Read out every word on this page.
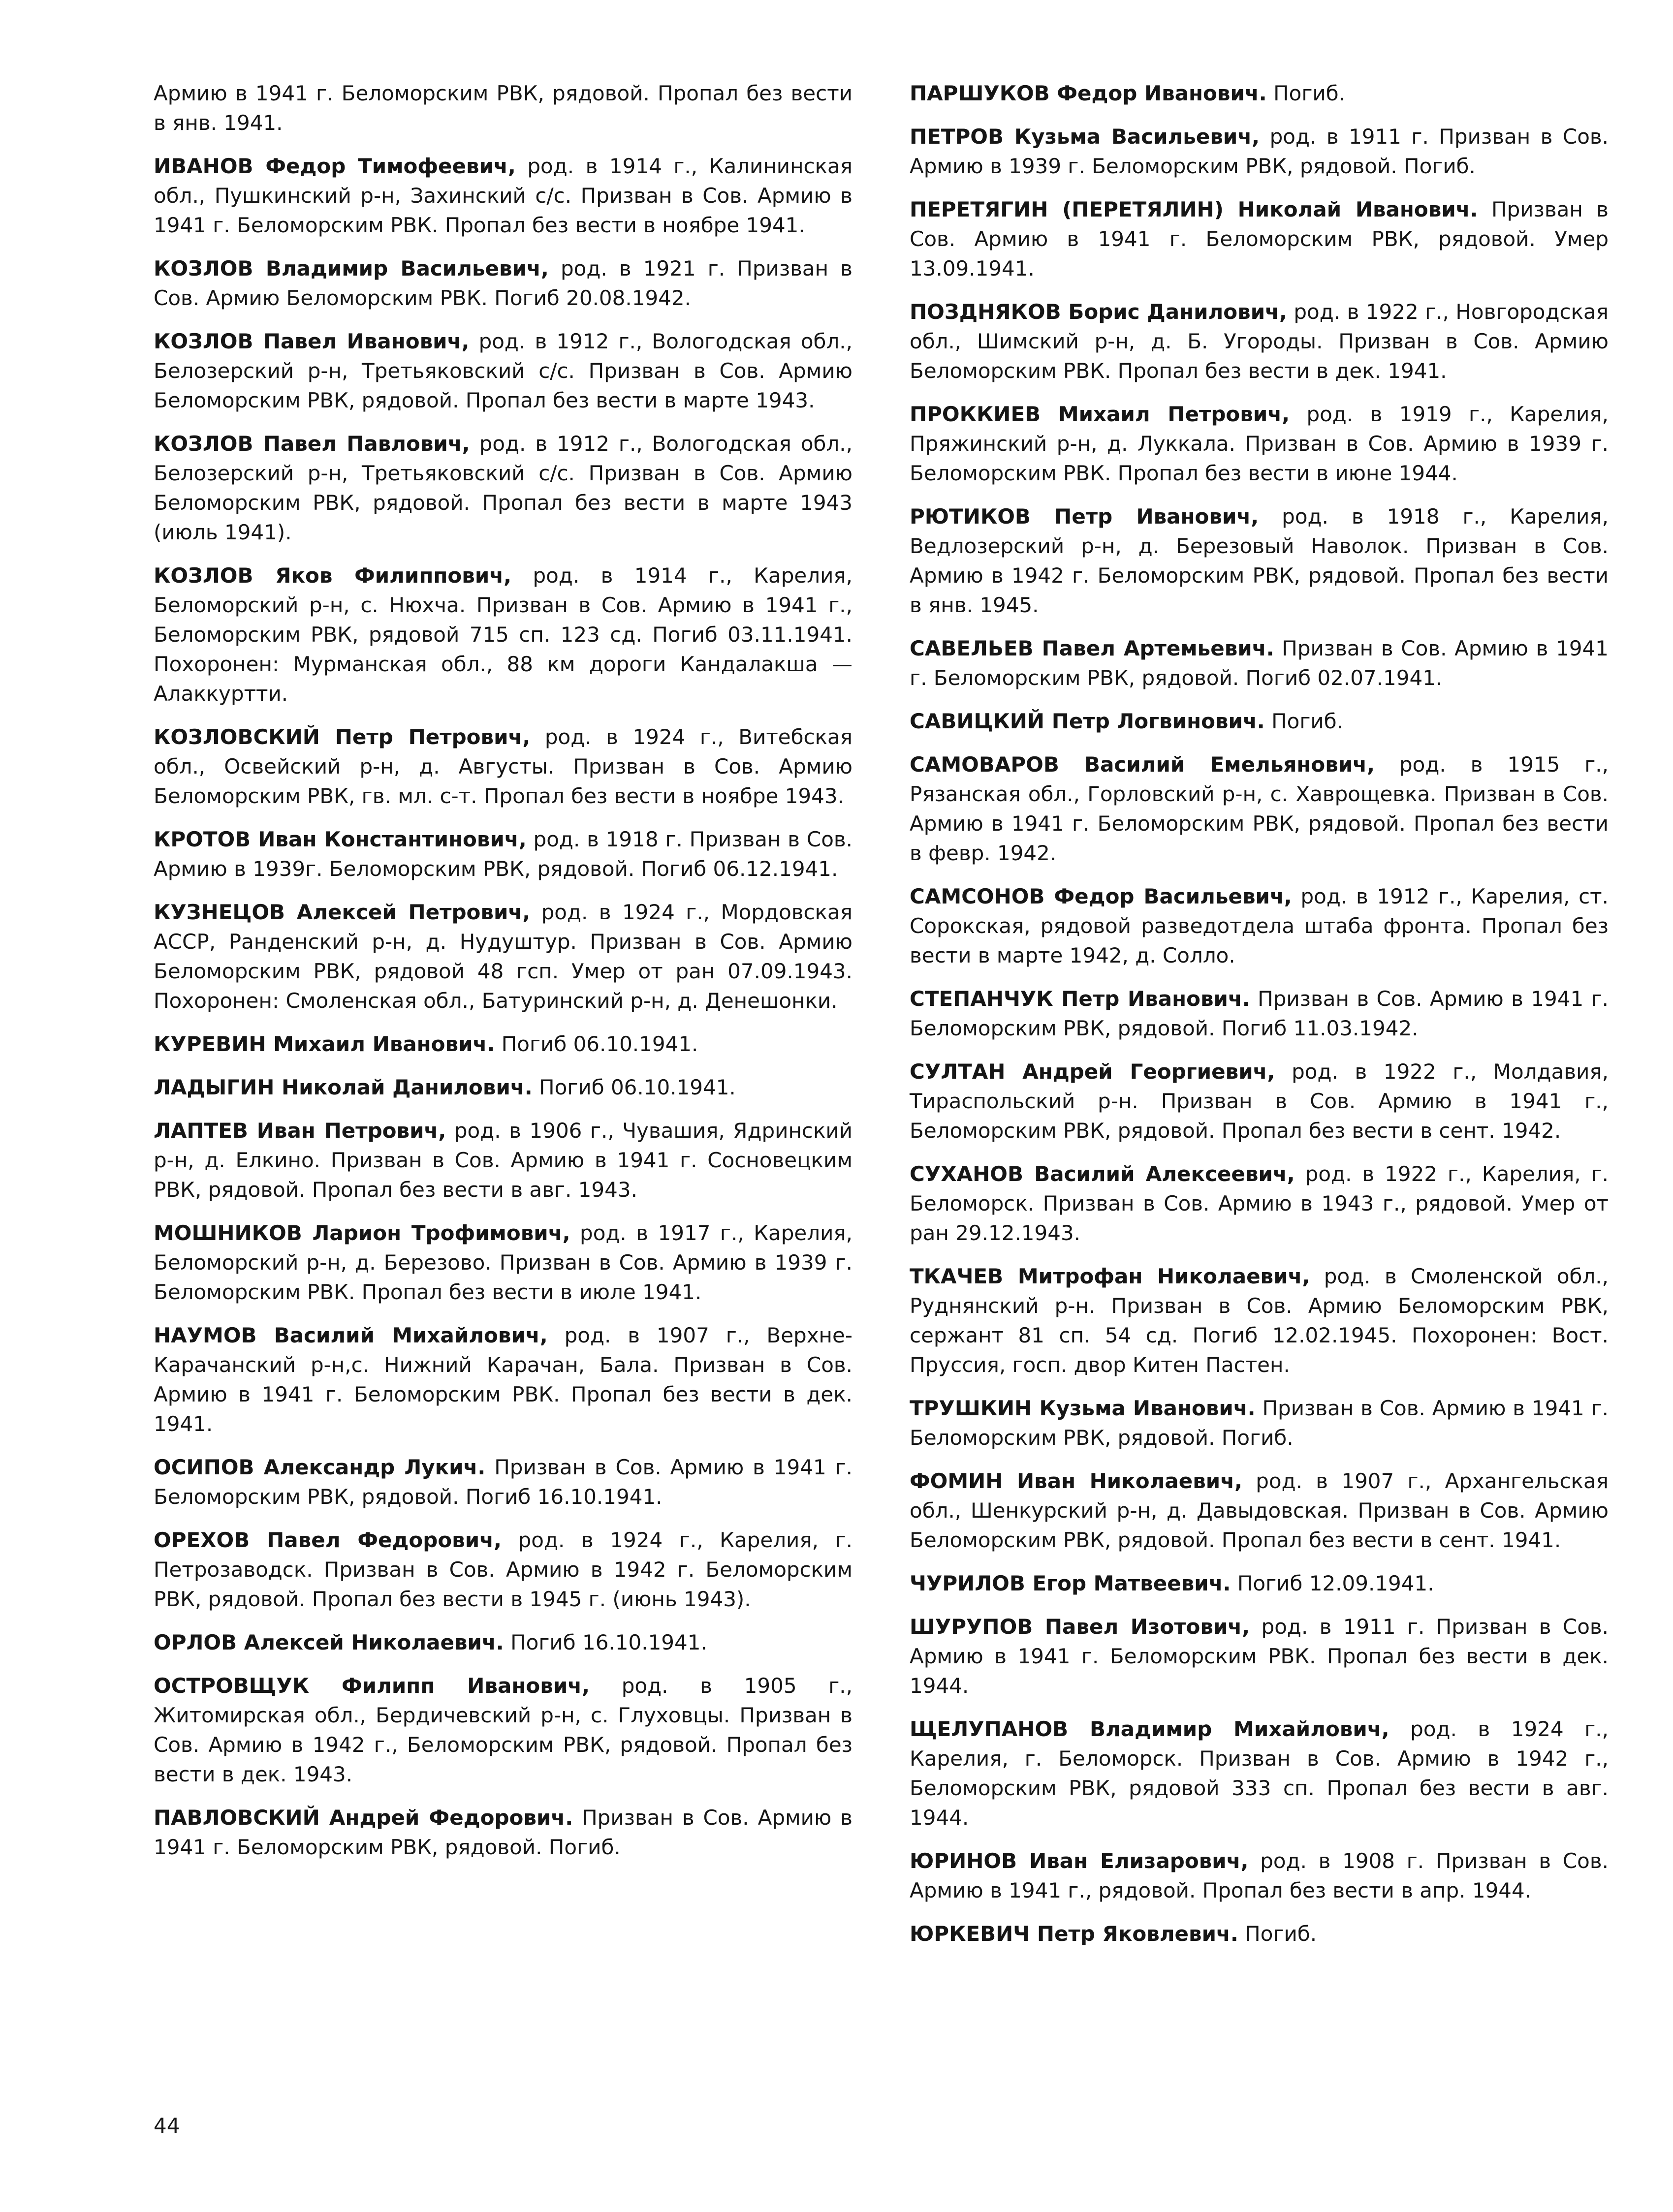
Армию в 1941 г. Беломорским РВК, рядовой. Пропал без вести в янв. 1941.

ИВАНОВ Федор Тимофеевич, род. в 1914 г., Калининская обл., Пушкинский р-н, Захинский с/с. Призван в Сов. Армию в 1941 г. Беломорским РВК. Пропал без вести в ноябре 1941.

КОЗЛОВ Владимир Васильевич, род. в 1921 г. Призван в Сов. Армию Беломорским РВК. Погиб 20.08.1942.

КОЗЛОВ Павел Иванович, род. в 1912 г., Вологодская обл., Белозерский р-н, Третьяковский с/с. Призван в Сов. Армию Беломорским РВК, рядовой. Пропал без вести в марте 1943.

КОЗЛОВ Павел Павлович, род. в 1912 г., Вологодская обл., Белозерский р-н, Третьяковский с/с. Призван в Сов. Армию Беломорским РВК, рядовой. Пропал без вести в марте 1943 (июль 1941).

КОЗЛОВ Яков Филиппович, род. в 1914 г., Карелия, Беломорский р-н, с. Нюхча. Призван в Сов. Армию в 1941 г., Беломорским РВК, рядовой 715 сп. 123 сд. Погиб 03.11.1941. Похоронен: Мурманская обл., 88 км дороги Кандалакша — Алаккуртти.

КОЗЛОВСКИЙ Петр Петрович, род. в 1924 г., Витебская обл., Освейский р-н, д. Августы. Призван в Сов. Армию Беломорским РВК, гв. мл. с-т. Пропал без вести в ноябре 1943.

КРОТОВ Иван Константинович, род. в 1918 г. Призван в Сов. Армию в 1939г. Беломорским РВК, рядовой. Погиб 06.12.1941.

КУЗНЕЦОВ Алексей Петрович, род. в 1924 г., Мордовская АССР, Ранденский р-н, д. Нудуштур. Призван в Сов. Армию Беломорским РВК, рядовой 48 гсп. Умер от ран 07.09.1943. Похоронен: Смоленская обл., Батуринский р-н, д. Денешонки.

КУРЕВИН Михаил Иванович. Погиб 06.10.1941.

ЛАДЫГИН Николай Данилович. Погиб 06.10.1941.

ЛАПТЕВ Иван Петрович, род. в 1906 г., Чувашия, Ядринский р-н, д. Елкино. Призван в Сов. Армию в 1941 г. Сосновецким РВК, рядовой. Пропал без вести в авг. 1943.

МОШНИКОВ Ларион Трофимович, род. в 1917 г., Карелия, Беломорский р-н, д. Березово. Призван в Сов. Армию в 1939 г. Беломорским РВК. Пропал без вести в июле 1941.

НАУМОВ Василий Михайлович, род. в 1907 г., Верхне-Карачанский р-н,с. Нижний Карачан, Бала. Призван в Сов. Армию в 1941 г. Беломорским РВК. Пропал без вести в дек. 1941.

ОСИПОВ Александр Лукич. Призван в Сов. Армию в 1941 г. Беломорским РВК, рядовой. Погиб 16.10.1941.

ОРЕХОВ Павел Федорович, род. в 1924 г., Карелия, г. Петрозаводск. Призван в Сов. Армию в 1942 г. Беломорским РВК, рядовой. Пропал без вести в 1945 г. (июнь 1943).

ОРЛОВ Алексей Николаевич. Погиб 16.10.1941.

ОСТРОВЩУК Филипп Иванович, род. в 1905 г., Житомирская обл., Бердичевский р-н, с. Глуховцы. Призван в Сов. Армию в 1942 г., Беломорским РВК, рядовой. Пропал без вести в дек. 1943.

ПАВЛОВСКИЙ Андрей Федорович. Призван в Сов. Армию в 1941 г. Беломорским РВК, рядовой. Погиб.

ПАРШУКОВ Федор Иванович. Погиб.

ПЕТРОВ Кузьма Васильевич, род. в 1911 г. Призван в Сов. Армию в 1939 г. Беломорским РВК, рядовой. Погиб.

ПЕРЕТЯГИН (ПЕРЕТЯЛИН) Николай Иванович. Призван в Сов. Армию в 1941 г. Беломорским РВК, рядовой. Умер 13.09.1941.

ПОЗДНЯКОВ Борис Данилович, род. в 1922 г., Новгородская обл., Шимский р-н, д. Б. Угороды. Призван в Сов. Армию Беломорским РВК. Пропал без вести в дек. 1941.

ПРОККИЕВ Михаил Петрович, род. в 1919 г., Карелия, Пряжинский р-н, д. Луккала. Призван в Сов. Армию в 1939 г. Беломорским РВК. Пропал без вести в июне 1944.

РЮТИКОВ Петр Иванович, род. в 1918 г., Карелия, Ведлозерский р-н, д. Березовый Наволок. Призван в Сов. Армию в 1942 г. Беломорским РВК, рядовой. Пропал без вести в янв. 1945.

САВЕЛЬЕВ Павел Артемьевич. Призван в Сов. Армию в 1941 г. Беломорским РВК, рядовой. Погиб 02.07.1941.

САВИЦКИЙ Петр Логвинович. Погиб.

САМОВАРОВ Василий Емельянович, род. в 1915 г., Рязанская обл., Горловский р-н, с. Хаврощевка. Призван в Сов. Армию в 1941 г. Беломорским РВК, рядовой. Пропал без вести в февр. 1942.

САМСОНОВ Федор Васильевич, род. в 1912 г., Карелия, ст. Сорокская, рядовой разведотдела штаба фронта. Пропал без вести в марте 1942, д. Солло.

СТЕПАНЧУК Петр Иванович. Призван в Сов. Армию в 1941 г. Беломорским РВК, рядовой. Погиб 11.03.1942.

СУЛТАН Андрей Георгиевич, род. в 1922 г., Молдавия, Тираспольский р-н. Призван в Сов. Армию в 1941 г., Беломорским РВК, рядовой. Пропал без вести в сент. 1942.

СУХАНОВ Василий Алексеевич, род. в 1922 г., Карелия, г. Беломорск. Призван в Сов. Армию в 1943 г., рядовой. Умер от ран 29.12.1943.

ТКАЧЕВ Митрофан Николаевич, род. в Смоленской обл., Руднянский р-н. Призван в Сов. Армию Беломорским РВК, сержант 81 сп. 54 сд. Погиб 12.02.1945. Похоронен: Вост. Пруссия, госп. двор Китен Пастен.

ТРУШКИН Кузьма Иванович. Призван в Сов. Армию в 1941 г. Беломорским РВК, рядовой. Погиб.

ФОМИН Иван Николаевич, род. в 1907 г., Архангельская обл., Шенкурский р-н, д. Давыдовская. Призван в Сов. Армию Беломорским РВК, рядовой. Пропал без вести в сент. 1941.

ЧУРИЛОВ Егор Матвеевич. Погиб 12.09.1941.

ШУРУПОВ Павел Изотович, род. в 1911 г. Призван в Сов. Армию в 1941 г. Беломорским РВК. Пропал без вести в дек. 1944.

ЩЕЛУПАНОВ Владимир Михайлович, род. в 1924 г., Карелия, г. Беломорск. Призван в Сов. Армию в 1942 г., Беломорским РВК, рядовой 333 сп. Пропал без вести в авг. 1944.

ЮРИНОВ Иван Елизарович, род. в 1908 г. Призван в Сов. Армию в 1941 г., рядовой. Пропал без вести в апр. 1944.

ЮРКЕВИЧ Петр Яковлевич. Погиб.

44
